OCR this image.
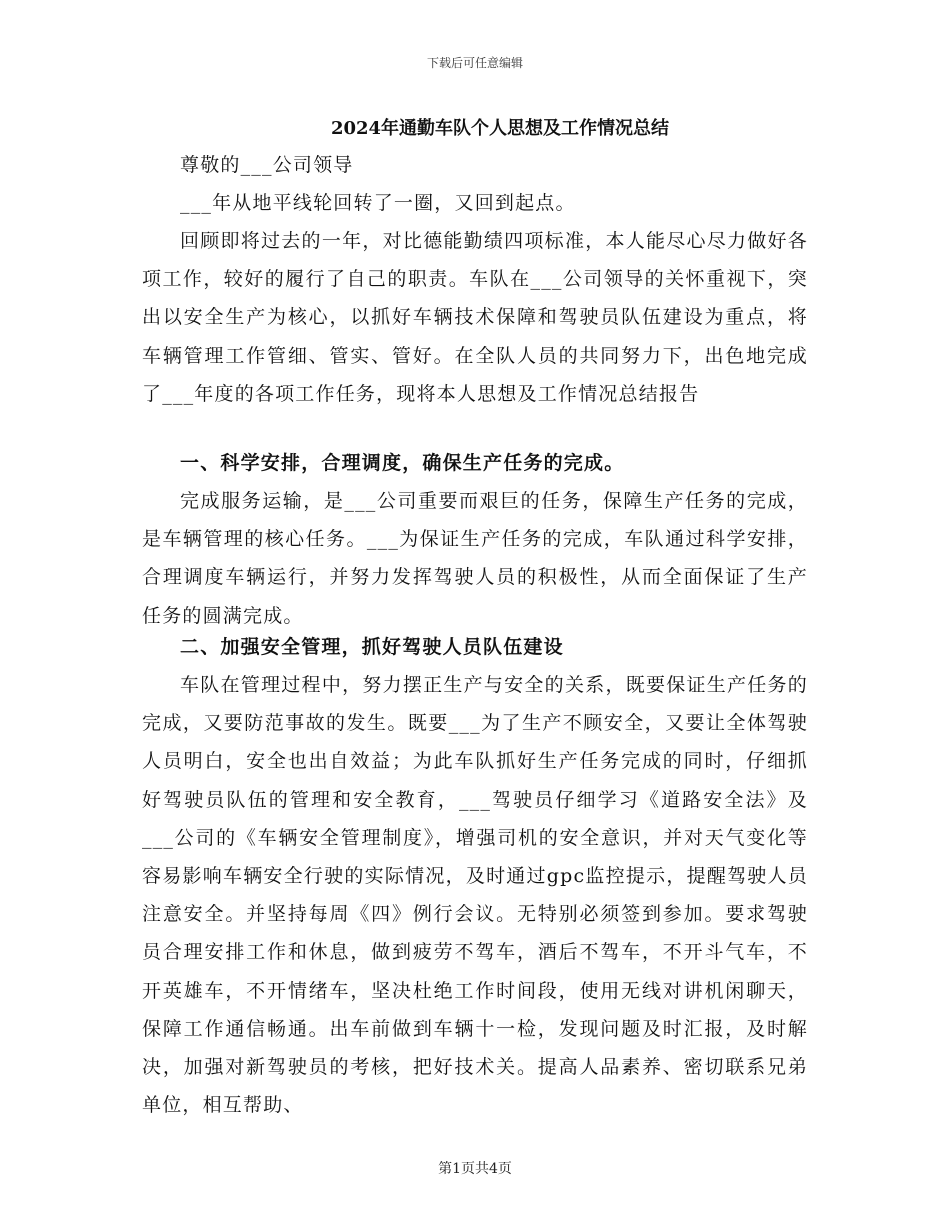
下载后可任意编辑
2024年通勤车队个人思想及工作情况总结

尊敬的___公司领导

___年从地平线轮回转了一圈，又回到起点。

回顾即将过去的一年，对比德能勤绩四项标准，本人能尽心尽力做好各项工作，较好的履行了自己的职责。车队在___公司领导的关怀重视下，突出以安全生产为核心，以抓好车辆技术保障和驾驶员队伍建设为重点，将车辆管理工作管细、管实、管好。在全队人员的共同努力下，出色地完成了___年度的各项工作任务，现将本人思想及工作情况总结报告

一、科学安排，合理调度，确保生产任务的完成。

完成服务运输，是___公司重要而艰巨的任务，保障生产任务的完成，是车辆管理的核心任务。___为保证生产任务的完成，车队通过科学安排，合理调度车辆运行，并努力发挥驾驶人员的积极性，从而全面保证了生产任务的圆满完成。

二、加强安全管理，抓好驾驶人员队伍建设

车队在管理过程中，努力摆正生产与安全的关系，既要保证生产任务的完成，又要防范事故的发生。既要___为了生产不顾安全，又要让全体驾驶人员明白，安全也出自效益；为此车队抓好生产任务完成的同时，仔细抓好驾驶员队伍的管理和安全教育，___驾驶员仔细学习《道路安全法》及___公司的《车辆安全管理制度》，增强司机的安全意识，并对天气变化等容易影响车辆安全行驶的实际情况，及时通过gpc监控提示，提醒驾驶人员注意安全。并坚持每周《四》例行会议。无特别必须签到参加。要求驾驶员合理安排工作和休息，做到疲劳不驾车，酒后不驾车，不开斗气车，不开英雄车，不开情绪车，坚决杜绝工作时间段，使用无线对讲机闲聊天，保障工作通信畅通。出车前做到车辆十一检，发现问题及时汇报，及时解决，加强对新驾驶员的考核，把好技术关。提高人品素养、密切联系兄弟单位，相互帮助、

第1页共4页
